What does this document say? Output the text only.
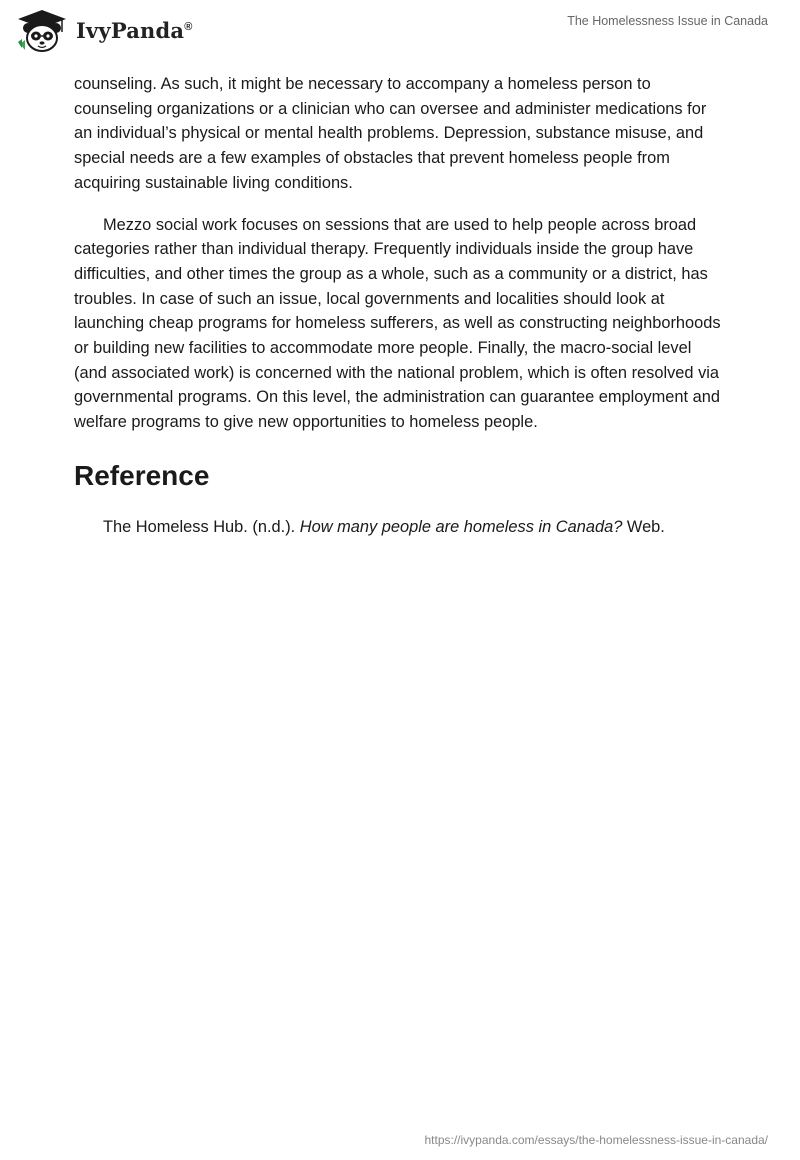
IvyPanda®	The Homelessness Issue in Canada

counseling. As such, it might be necessary to accompany a homeless person to counseling organizations or a clinician who can oversee and administer medications for an individual’s physical or mental health problems. Depression, substance misuse, and special needs are a few examples of obstacles that prevent homeless people from acquiring sustainable living conditions.

Mezzo social work focuses on sessions that are used to help people across broad categories rather than individual therapy. Frequently individuals inside the group have difficulties, and other times the group as a whole, such as a community or a district, has troubles. In case of such an issue, local governments and localities should look at launching cheap programs for homeless sufferers, as well as constructing neighborhoods or building new facilities to accommodate more people. Finally, the macro-social level (and associated work) is concerned with the national problem, which is often resolved via governmental programs. On this level, the administration can guarantee employment and welfare programs to give new opportunities to homeless people.

Reference

The Homeless Hub. (n.d.). How many people are homeless in Canada? Web.

https://ivypanda.com/essays/the-homelessness-issue-in-canada/
